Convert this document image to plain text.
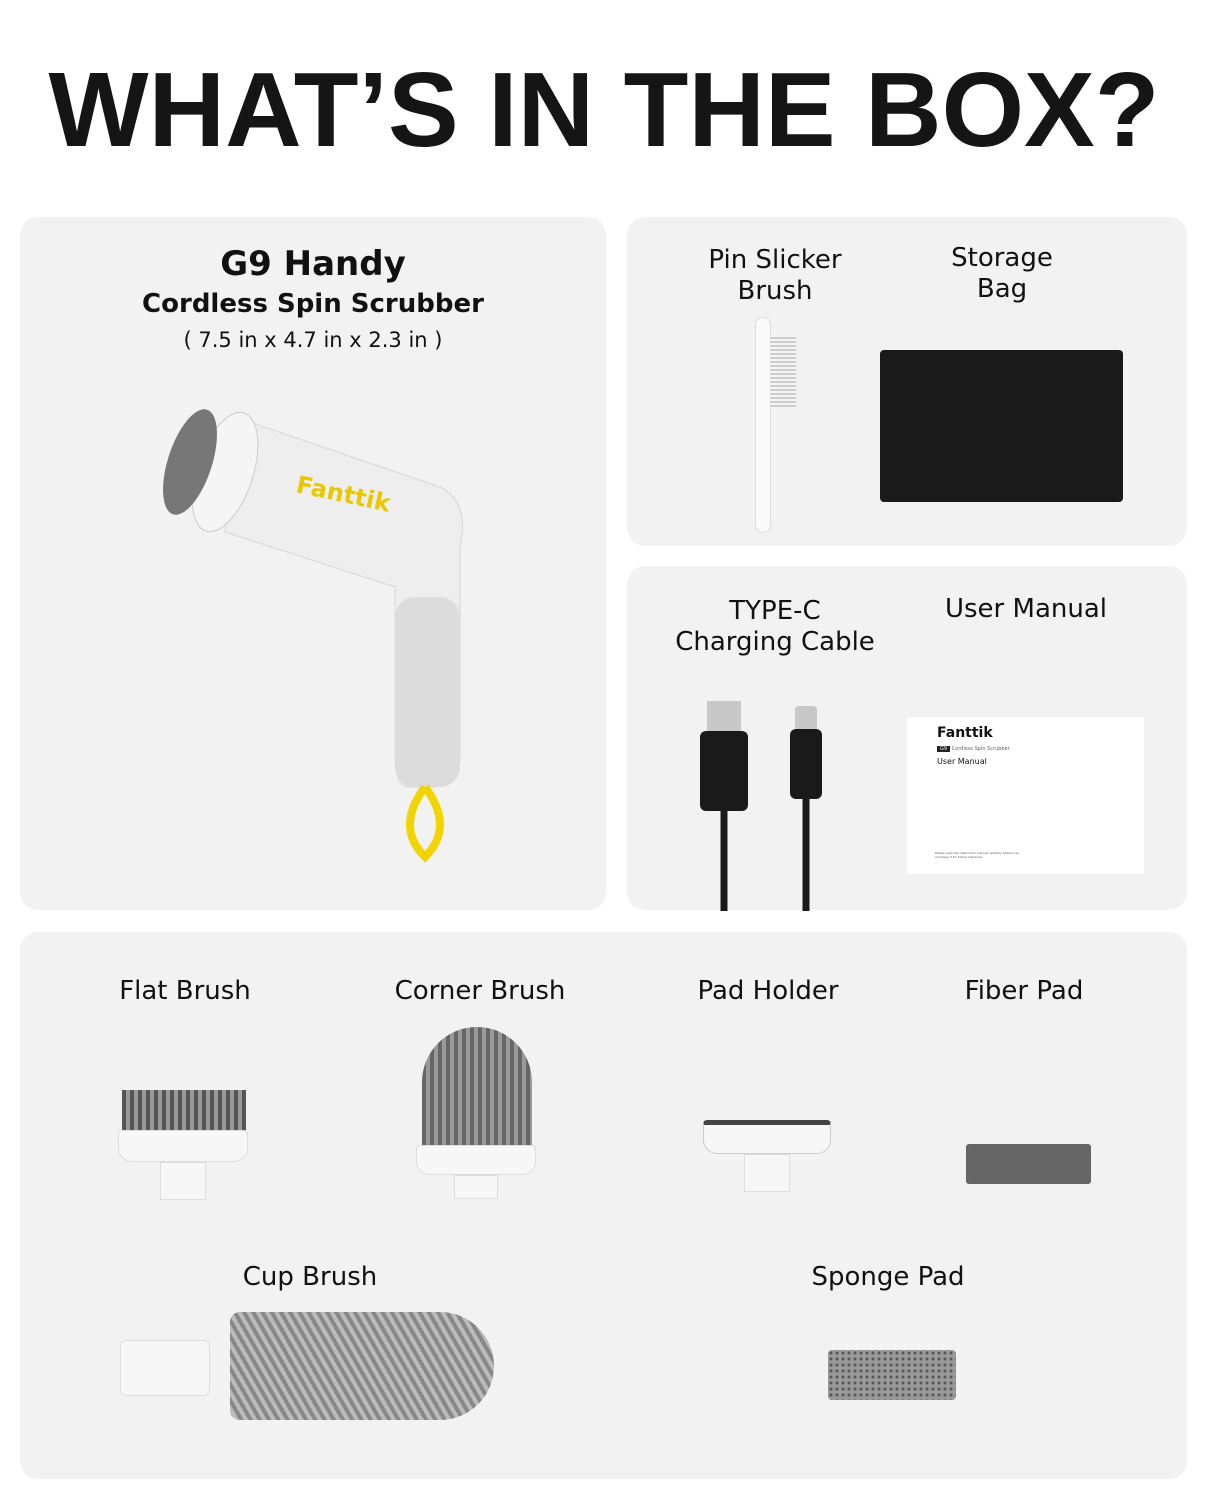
WHAT’S IN THE BOX?
G9 Handy
Cordless Spin Scrubber
( 7.5 in x 4.7 in x 2.3 in )
Fanttik
Pin Slicker
Brush
Storage
Bag
TYPE-C
Charging Cable
User Manual
Fanttik
G9 Cordless Spin Scrubber
User Manual
Please read this instruction manual carefully before use and keep it for future reference.
Flat Brush	Corner Brush	Pad Holder	Fiber Pad
Cup Brush	Sponge Pad
